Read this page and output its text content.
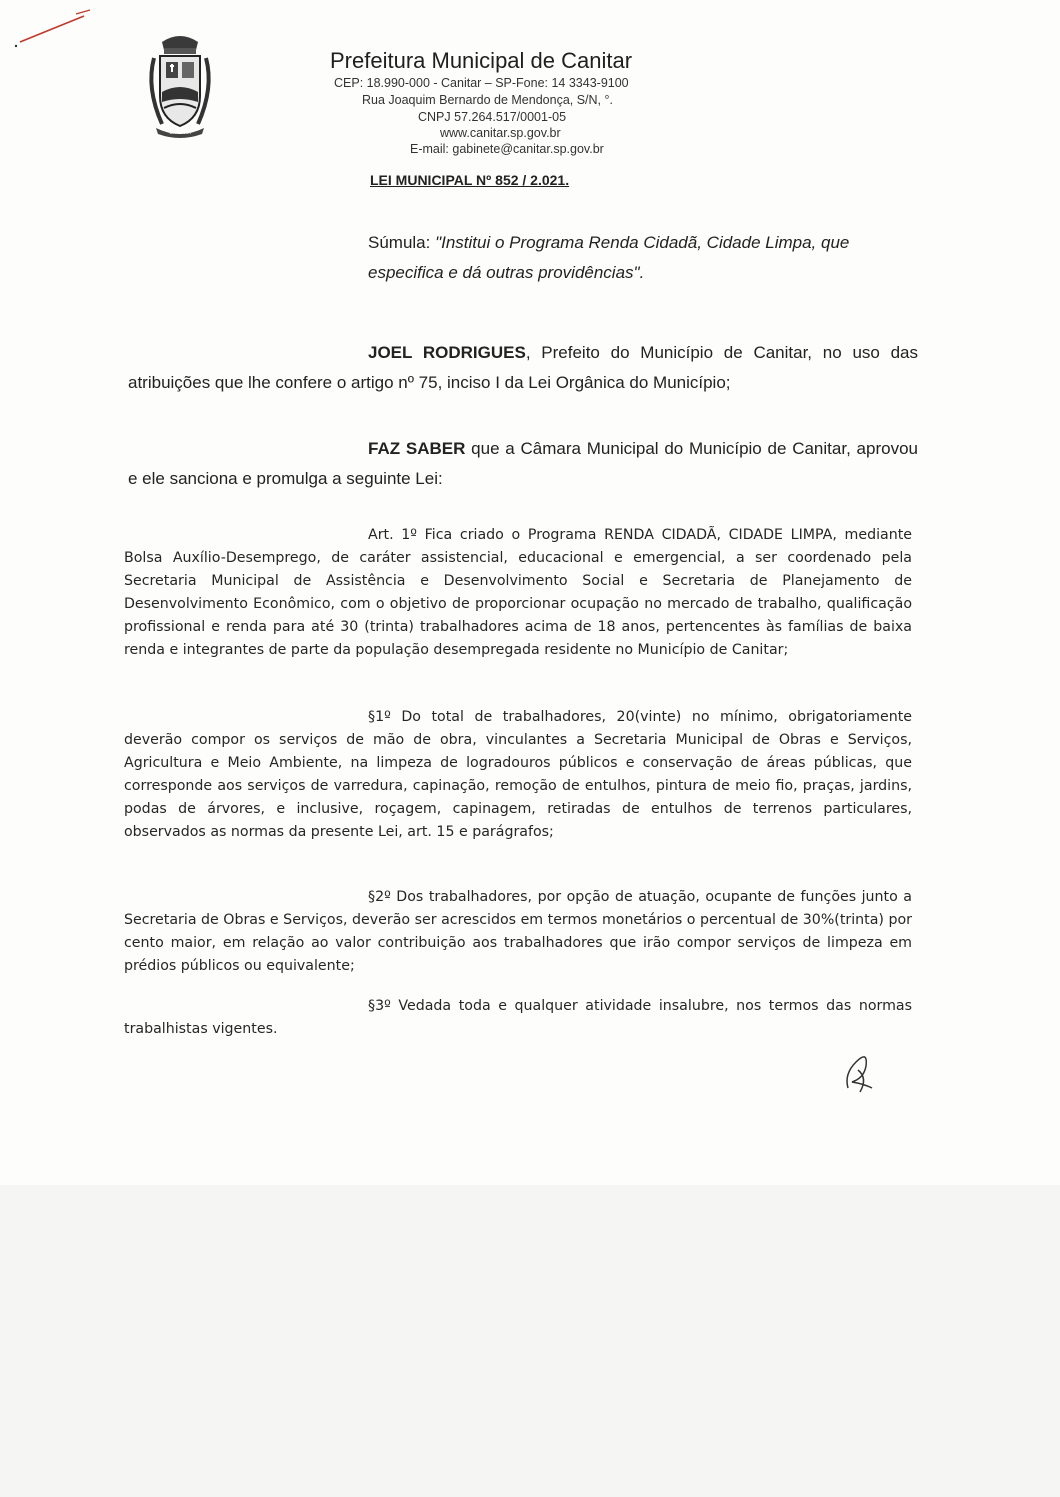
CANITAR
Prefeitura Municipal de Canitar
CEP: 18.990-000 - Canitar – SP-Fone: 14 3343-9100
Rua Joaquim Bernardo de Mendonça, S/N, °.
CNPJ 57.264.517/0001-05
www.canitar.sp.gov.br
E-mail: gabinete@canitar.sp.gov.br
LEI MUNICIPAL Nº 852 / 2.021.
Súmula: "Institui o Programa Renda Cidadã, Cidade Limpa, que especifica e dá outras providências".
JOEL RODRIGUES, Prefeito do Município de Canitar, no uso das atribuições que lhe confere o artigo nº 75, inciso I da Lei Orgânica do Município;
FAZ SABER que a Câmara Municipal do Município de Canitar, aprovou e ele sanciona e promulga a seguinte Lei:
Art. 1º Fica criado o Programa RENDA CIDADÃ, CIDADE LIMPA, mediante Bolsa Auxílio-Desemprego, de caráter assistencial, educacional e emergencial, a ser coordenado pela Secretaria Municipal de Assistência e Desenvolvimento Social e Secretaria de Planejamento de Desenvolvimento Econômico, com o objetivo de proporcionar ocupação no mercado de trabalho, qualificação profissional e renda para até 30 (trinta) trabalhadores acima de 18 anos, pertencentes às famílias de baixa renda e integrantes de parte da população desempregada residente no Município de Canitar;
§1º Do total de trabalhadores, 20(vinte) no mínimo, obrigatoriamente deverão compor os serviços de mão de obra, vinculantes a Secretaria Municipal de Obras e Serviços, Agricultura e Meio Ambiente, na limpeza de logradouros públicos e conservação de áreas públicas, que corresponde aos serviços de varredura, capinação, remoção de entulhos, pintura de meio fio, praças, jardins, podas de árvores, e inclusive, roçagem, capinagem, retiradas de entulhos de terrenos particulares, observados as normas da presente Lei, art. 15 e parágrafos;
§2º Dos trabalhadores, por opção de atuação, ocupante de funções junto a Secretaria de Obras e Serviços, deverão ser acrescidos em termos monetários o percentual de 30%(trinta) por cento maior, em relação ao valor contribuição aos trabalhadores que irão compor serviços de limpeza em prédios públicos ou equivalente;
§3º Vedada toda e qualquer atividade insalubre, nos termos das normas trabalhistas vigentes.
